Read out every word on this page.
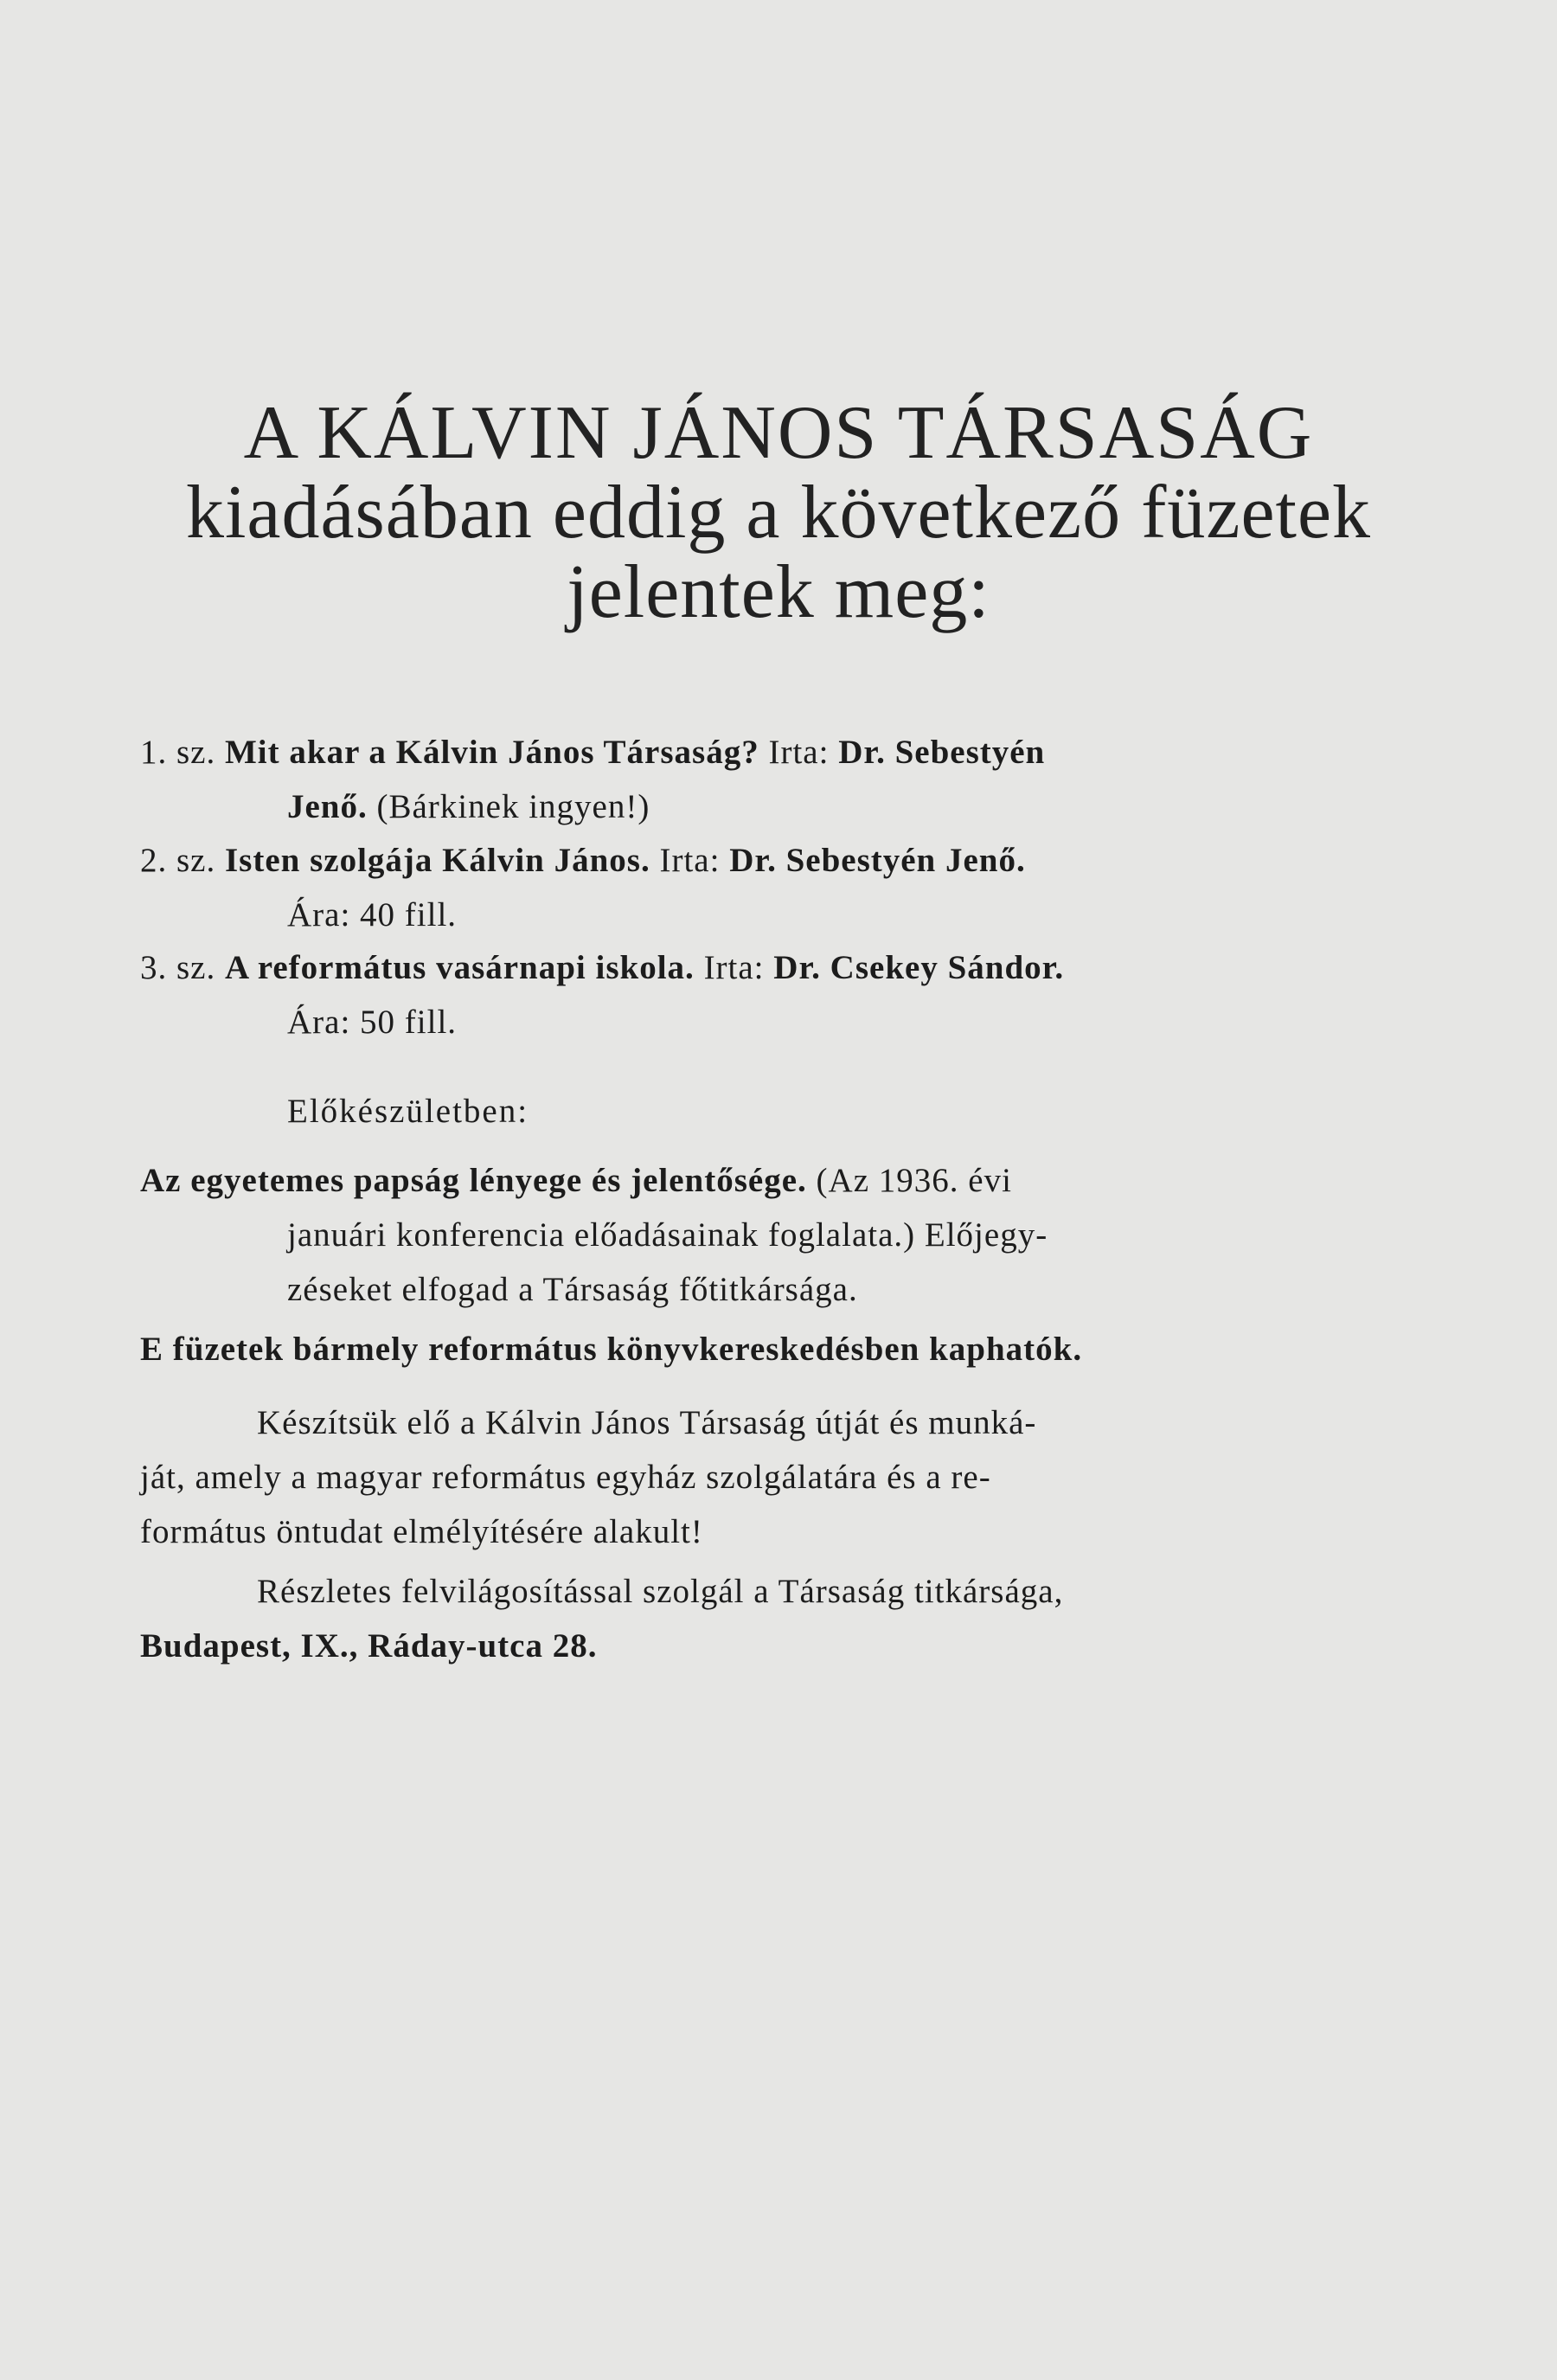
A KÁLVIN JÁNOS TÁRSASÁG
kiadásában eddig a következő füzetek
jelentek meg:
1. sz. Mit akar a Kálvin János Társaság? Irta: Dr. Sebestyén
Jenő. (Bárkinek ingyen!)
2. sz. Isten szolgája Kálvin János. Irta: Dr. Sebestyén Jenő.
Ára: 40 fill.
3. sz. A református vasárnapi iskola. Irta: Dr. Csekey Sándor.
Ára: 50 fill.
Előkészületben:
Az egyetemes papság lényege és jelentősége. (Az 1936. évi
januári konferencia előadásainak foglalata.) Előjegy-
zéseket elfogad a Társaság főtitkársága.
E füzetek bármely református könyvkereskedésben kaphatók.
Készítsük elő a Kálvin János Társaság útját és munká-
ját, amely a magyar református egyház szolgálatára és a re-
formátus öntudat elmélyítésére alakult!
Részletes felvilágosítással szolgál a Társaság titkársága,
Budapest, IX., Ráday-utca 28.
